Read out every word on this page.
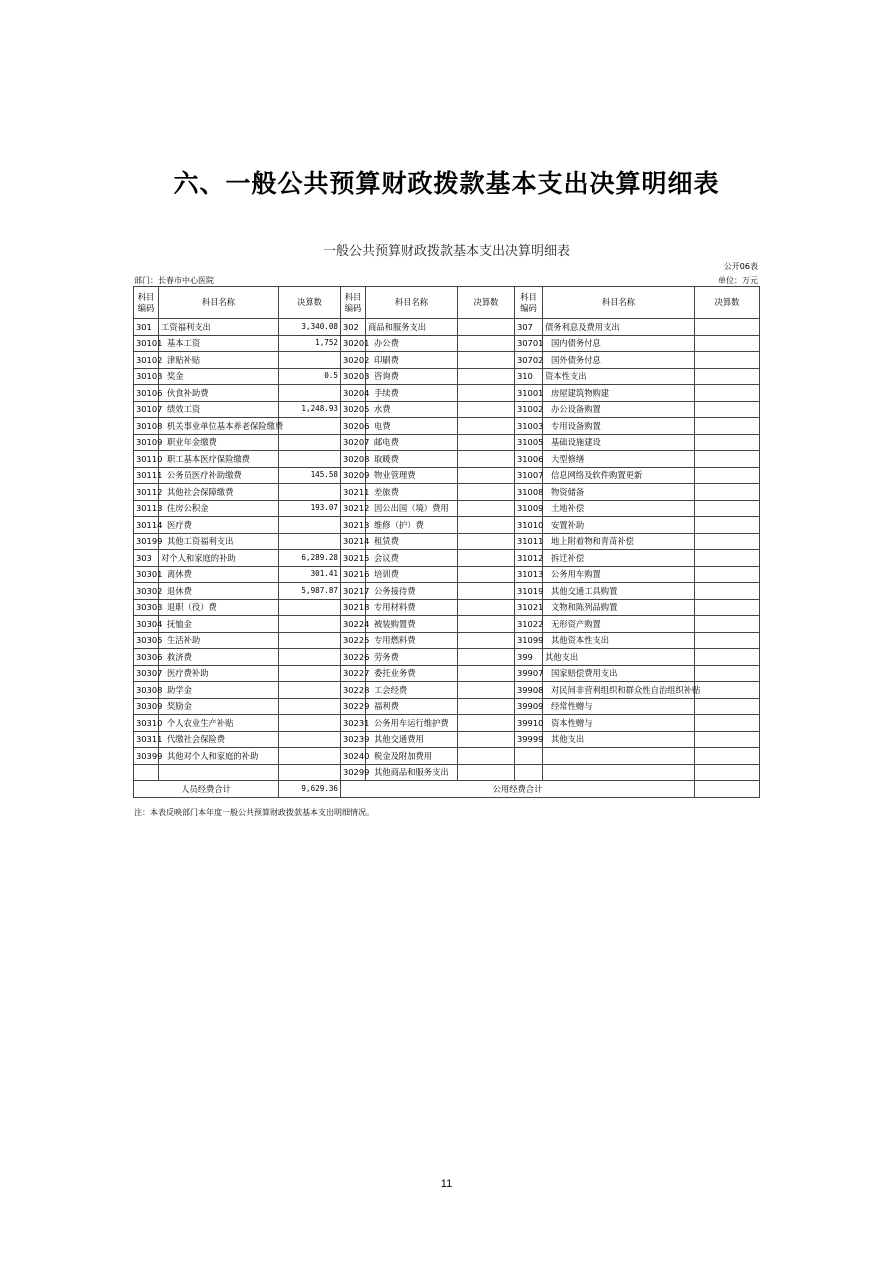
六、一般公共预算财政拨款基本支出决算明细表
一般公共预算财政拨款基本支出决算明细表
公开06表
部门：长春市中心医院	单位：万元
科目编码	科目名称	决算数	科目编码	科目名称	决算数	科目编码	科目名称	决算数
301	工资福利支出	3,340.08	302	商品和服务支出		307	债务利息及费用支出	
30101	基本工资	1,752	30201	办公费		30701	国内债务付息	
30102	津贴补贴		30202	印刷费		30702	国外债务付息	
30103	奖金	0.5	30203	咨询费		310	资本性支出	
30106	伙食补助费		30204	手续费		31001	房屋建筑物购建	
30107	绩效工资	1,248.93	30205	水费		31002	办公设备购置	
30108	机关事业单位基本养老保险缴费		30206	电费		31003	专用设备购置	
30109	职业年金缴费		30207	邮电费		31005	基础设施建设	
30110	职工基本医疗保险缴费		30208	取暖费		31006	大型修缮	
30111	公务员医疗补助缴费	145.58	30209	物业管理费		31007	信息网络及软件购置更新	
30112	其他社会保障缴费		30211	差旅费		31008	物资储备	
30113	住房公积金	193.07	30212	因公出国（境）费用		31009	土地补偿	
30114	医疗费		30213	维修（护）费		31010	安置补助	
30199	其他工资福利支出		30214	租赁费		31011	地上附着物和青苗补偿	
303	对个人和家庭的补助	6,289.28	30215	会议费		31012	拆迁补偿	
30301	离休费	301.41	30216	培训费		31013	公务用车购置	
30302	退休费	5,987.87	30217	公务接待费		31019	其他交通工具购置	
30303	退职（役）费		30218	专用材料费		31021	文物和陈列品购置	
30304	抚恤金		30224	被装购置费		31022	无形资产购置	
30305	生活补助		30225	专用燃料费		31099	其他资本性支出	
30306	救济费		30226	劳务费		399	其他支出	
30307	医疗费补助		30227	委托业务费		39907	国家赔偿费用支出	
30308	助学金		30228	工会经费		39908	对民间非营利组织和群众性自治组织补贴	
30309	奖励金		30229	福利费		39909	经常性赠与	
30310	个人农业生产补贴		30231	公务用车运行维护费		39910	资本性赠与	
30311	代缴社会保险费		30239	其他交通费用		39999	其他支出	
30399	其他对个人和家庭的补助		30240	税金及附加费用				
			30299	其他商品和服务支出				
人员经费合计		9,629.36	公用经费合计					
注：本表反映部门本年度一般公共预算财政拨款基本支出明细情况。
11
